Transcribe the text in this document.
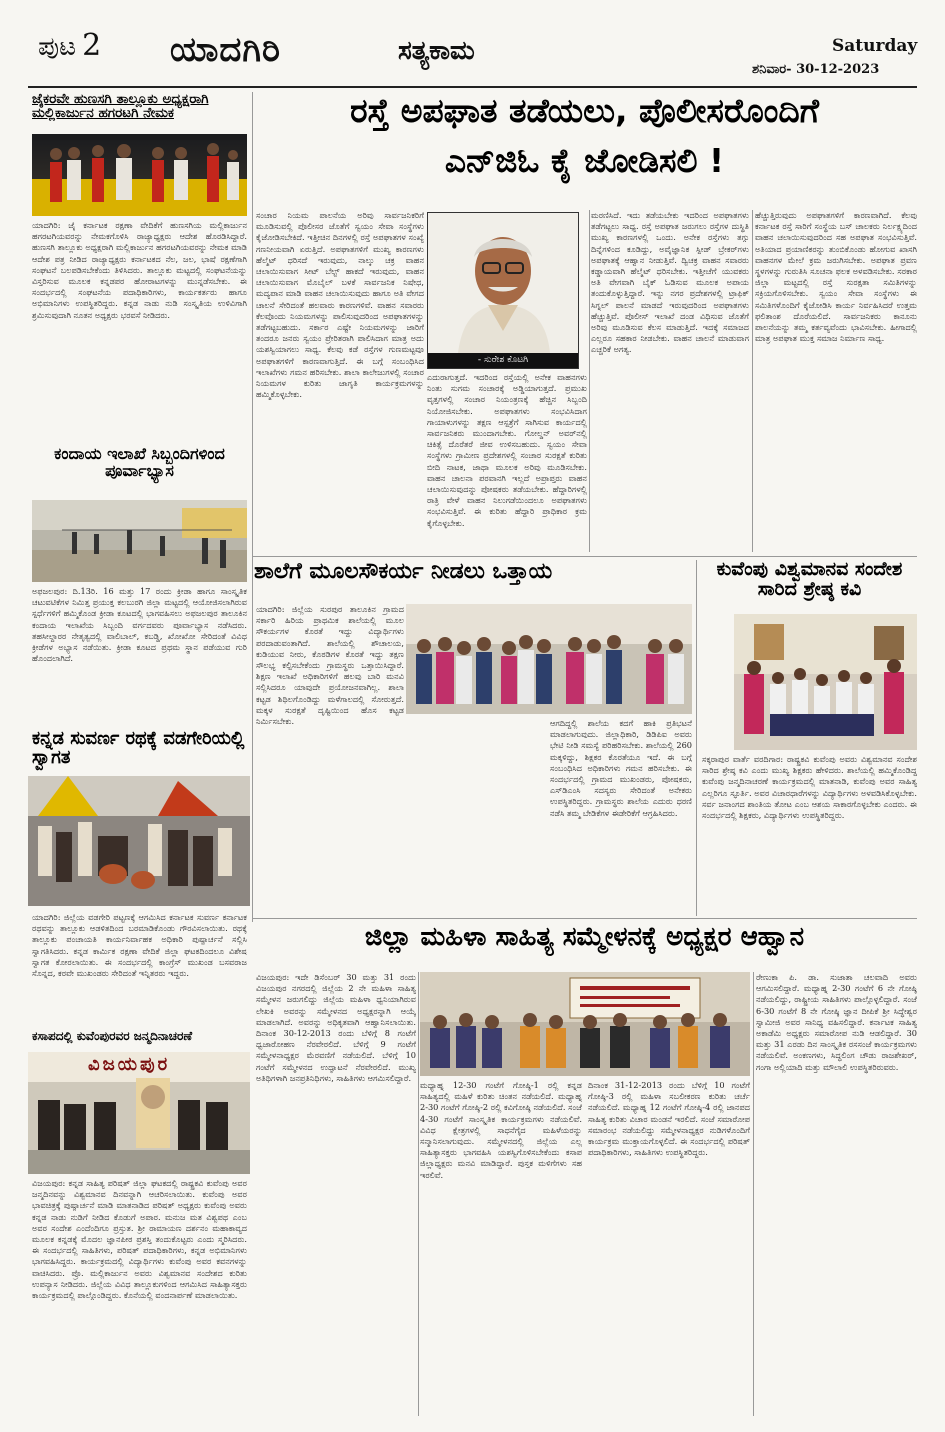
ಪುಟ 2 ಯಾದಗಿರಿ	ಸತ್ಯಕಾಮ	Saturday
ಶನಿವಾರ- 30-12-2023
ಜೈಕರವೇ ಹುಣಸಗಿ ತಾಲ್ಲೂಕು ಅಧ್ಯಕ್ಷರಾಗಿ ಮಲ್ಲಿಕಾರ್ಜುನ ಹಗರಟಗಿ ನೇಮಕ
ಯಾದಗಿರಿ: ಜೈ ಕರ್ನಾಟಕ ರಕ್ಷಣಾ ವೇದಿಕೆಗೆ ಹುಣಸಗಿಯ ಮಲ್ಲಿಕಾರ್ಜುನ ಹಗರಟಗಿಯವರನ್ನು ನೇಮಕಗೊಳಿಸಿ ರಾಜ್ಯಾಧ್ಯಕ್ಷರು ಆದೇಶ ಹೊರಡಿಸಿದ್ದಾರೆ. ಹುಣಸಗಿ ತಾಲ್ಲೂಕು ಅಧ್ಯಕ್ಷರಾಗಿ ಮಲ್ಲಿಕಾರ್ಜುನ ಹಗರಟಗಿಯವರನ್ನು ನೇಮಕ ಮಾಡಿ ಆದೇಶ ಪತ್ರ ನೀಡಿದ ರಾಜ್ಯಾಧ್ಯಕ್ಷರು ಕರ್ನಾಟಕದ ನೆಲ, ಜಲ, ಭಾಷೆ ರಕ್ಷಣೆಗಾಗಿ ಸಂಘಟನೆ ಬಲಪಡಿಸಬೇಕೆಂದು ತಿಳಿಸಿದರು. ತಾಲ್ಲೂಕು ಮಟ್ಟದಲ್ಲಿ ಸಂಘಟನೆಯನ್ನು ವಿಸ್ತರಿಸುವ ಮೂಲಕ ಕನ್ನಡಪರ ಹೋರಾಟಗಳನ್ನು ಮುನ್ನಡೆಸಬೇಕು. ಈ ಸಂದರ್ಭದಲ್ಲಿ ಸಂಘಟನೆಯ ಪದಾಧಿಕಾರಿಗಳು, ಕಾರ್ಯಕರ್ತರು ಹಾಗೂ ಅಭಿಮಾನಿಗಳು ಉಪಸ್ಥಿತರಿದ್ದರು. ಕನ್ನಡ ನಾಡು ನುಡಿ ಸಂಸ್ಕೃತಿಯ ಉಳಿವಿಗಾಗಿ ಶ್ರಮಿಸುವುದಾಗಿ ನೂತನ ಅಧ್ಯಕ್ಷರು ಭರವಸೆ ನೀಡಿದರು.
ಕಂದಾಯ ಇಲಾಖೆ ಸಿಬ್ಬಂದಿಗಳಿಂದ ಪೂರ್ವಾಭ್ಯಾಸ
ಅಫಜಲಪುರ: ದಿ.13ರಿ. 16 ಮತ್ತು 17 ರಂದು ಕ್ರೀಡಾ ಹಾಗೂ ಸಾಂಸ್ಕೃತಿಕ ಚಟುವಟಿಕೆಗಳ ನಿಮಿತ್ತ ಪ್ರಯುಕ್ತ ಕಲಬುರಗಿ ಜಿಲ್ಲಾ ಮಟ್ಟದಲ್ಲಿ ಆಯೋಜಿಸಲಾಗಿರುವ ಸ್ಪರ್ಧೆಗಳಿಗೆ ಹಮ್ಮಿಕೊಂಡ ಕ್ರೀಡಾ ಕೂಟದಲ್ಲಿ ಭಾಗವಹಿಸಲು ಅಫಜಲಪುರ ತಾಲೂಕಿನ ಕಂದಾಯ ಇಲಾಖೆಯ ಸಿಬ್ಬಂದಿ ವರ್ಗದವರು ಪೂರ್ವಾಭ್ಯಾಸ ನಡೆಸಿದರು. ತಹಸೀಲ್ದಾರರ ನೇತೃತ್ವದಲ್ಲಿ ವಾಲಿಬಾಲ್, ಕಬಡ್ಡಿ, ಖೋಖೋ ಸೇರಿದಂತೆ ವಿವಿಧ ಕ್ರೀಡೆಗಳ ಅಭ್ಯಾಸ ನಡೆಯಿತು. ಕ್ರೀಡಾ ಕೂಟದ ಪ್ರಥಮ ಸ್ಥಾನ ಪಡೆಯುವ ಗುರಿ ಹೊಂದಲಾಗಿದೆ.
ಕನ್ನಡ ಸುವರ್ಣ ರಥಕ್ಕೆ ವಡಗೇರಿಯಲ್ಲಿ ಸ್ವಾಗತ
ಯಾದಗಿರಿ: ಜಿಲ್ಲೆಯ ವಡಗೇರಿ ಪಟ್ಟಣಕ್ಕೆ ಆಗಮಿಸಿದ ಕರ್ನಾಟಕ ಸುವರ್ಣ ಕರ್ನಾಟಕ ರಥವನ್ನು ತಾಲ್ಲೂಕು ಆಡಳಿತದಿಂದ ಬರಮಾಡಿಕೊಂಡು ಗೌರವಿಸಲಾಯಿತು. ರಥಕ್ಕೆ ತಾಲ್ಲೂಕು ಪಂಚಾಯತಿ ಕಾರ್ಯನಿರ್ವಾಹಕ ಅಧಿಕಾರಿ ಪುಷ್ಪಾರ್ಚನೆ ಸಲ್ಲಿಸಿ ಸ್ವಾಗತಿಸಿದರು. ಕನ್ನಡ ಕಾರ್ಮಿಕ ರಕ್ಷಣಾ ವೇದಿಕೆ ಜಿಲ್ಲಾ ಘಟಕದಿಂದಲೂ ವಿಶೇಷ ಸ್ವಾಗತ ಕೋರಲಾಯಿತು. ಈ ಸಂದರ್ಭದಲ್ಲಿ ಕಾಂಗ್ರೆಸ್ ಮುಖಂಡ ಬಸವರಾಜ ಸೊನ್ನದ, ಕರವೇ ಮುಖಂಡರು ಸೇರಿದಂತೆ ಇನ್ನಿತರರು ಇದ್ದರು.
ಕಸಾಪದಲ್ಲಿ ಕುವೆಂಪುರವರ ಜನ್ಮದಿನಾಚರಣೆ
ವಿಜಯಪುರ
ವಿಜಯಪುರ: ಕನ್ನಡ ಸಾಹಿತ್ಯ ಪರಿಷತ್ ಜಿಲ್ಲಾ ಘಟಕದಲ್ಲಿ ರಾಷ್ಟ್ರಕವಿ ಕುವೆಂಪು ಅವರ ಜನ್ಮದಿನವನ್ನು ವಿಶ್ವಮಾನವ ದಿನವನ್ನಾಗಿ ಆಚರಿಸಲಾಯಿತು. ಕುವೆಂಪು ಅವರ ಭಾವಚಿತ್ರಕ್ಕೆ ಪುಷ್ಪಾರ್ಚನೆ ಮಾಡಿ ಮಾತನಾಡಿದ ಪರಿಷತ್ ಅಧ್ಯಕ್ಷರು ಕುವೆಂಪು ಅವರು ಕನ್ನಡ ನಾಡು ನುಡಿಗೆ ನೀಡಿದ ಕೊಡುಗೆ ಅಪಾರ. ಮನುಜ ಮತ ವಿಶ್ವಪಥ ಎಂಬ ಅವರ ಸಂದೇಶ ಎಂದೆಂದಿಗೂ ಪ್ರಸ್ತುತ. ಶ್ರೀ ರಾಮಾಯಣ ದರ್ಶನಂ ಮಹಾಕಾವ್ಯದ ಮೂಲಕ ಕನ್ನಡಕ್ಕೆ ಮೊದಲ ಜ್ಞಾನಪೀಠ ಪ್ರಶಸ್ತಿ ತಂದುಕೊಟ್ಟರು ಎಂದು ಸ್ಮರಿಸಿದರು. ಈ ಸಂದರ್ಭದಲ್ಲಿ ಸಾಹಿತಿಗಳು, ಪರಿಷತ್ ಪದಾಧಿಕಾರಿಗಳು, ಕನ್ನಡ ಅಭಿಮಾನಿಗಳು ಭಾಗವಹಿಸಿದ್ದರು. ಕಾರ್ಯಕ್ರಮದಲ್ಲಿ ವಿದ್ಯಾರ್ಥಿಗಳು ಕುವೆಂಪು ಅವರ ಕವನಗಳನ್ನು ವಾಚಿಸಿದರು. ಪ್ರೊ. ಮಲ್ಲಿಕಾರ್ಜುನ ಅವರು ವಿಶ್ವಮಾನವ ಸಂದೇಶದ ಕುರಿತು ಉಪನ್ಯಾಸ ನೀಡಿದರು. ಜಿಲ್ಲೆಯ ವಿವಿಧ ತಾಲ್ಲೂಕುಗಳಿಂದ ಆಗಮಿಸಿದ ಸಾಹಿತ್ಯಾಸಕ್ತರು ಕಾರ್ಯಕ್ರಮದಲ್ಲಿ ಪಾಲ್ಗೊಂಡಿದ್ದರು. ಕೊನೆಯಲ್ಲಿ ವಂದನಾರ್ಪಣೆ ಮಾಡಲಾಯಿತು.
ರಸ್ತೆ ಅಪಘಾತ ತಡೆಯಲು, ಪೊಲೀಸರೊಂದಿಗೆ
ಎನ್‌ಜಿಓ ಕೈ ಜೋಡಿಸಲಿ !
- ಸುರೇಶ ಕೊಟಗಿ
ಸಂಚಾರ ನಿಯಮ ಪಾಲನೆಯ ಅರಿವು ಸಾರ್ವಜನಿಕರಿಗೆ ಮೂಡಿಸುವಲ್ಲಿ ಪೊಲೀಸರ ಜೊತೆಗೆ ಸ್ವಯಂ ಸೇವಾ ಸಂಸ್ಥೆಗಳು ಕೈಜೋಡಿಸಬೇಕಿದೆ. ಇತ್ತೀಚಿನ ದಿನಗಳಲ್ಲಿ ರಸ್ತೆ ಅಪಘಾತಗಳ ಸಂಖ್ಯೆ ಗಣನೀಯವಾಗಿ ಏರುತ್ತಿದೆ. ಅಪಘಾತಗಳಿಗೆ ಮುಖ್ಯ ಕಾರಣಗಳು ಹೆಲ್ಮೆಟ್ ಧರಿಸದೆ ಇರುವುದು, ನಾಲ್ಕು ಚಕ್ರ ವಾಹನ ಚಲಾಯಿಸುವಾಗ ಸೀಟ್ ಬೆಲ್ಟ್ ಹಾಕದೆ ಇರುವುದು, ವಾಹನ ಚಲಾಯಿಸುವಾಗ ಮೊಬೈಲ್ ಬಳಕೆ ಸಾರ್ವಜನಿಕ ನಿಷೇಧ, ಮದ್ಯಪಾನ ಮಾಡಿ ವಾಹನ ಚಲಾಯಿಸುವುದು ಹಾಗೂ ಅತಿ ವೇಗದ ಚಾಲನೆ ಸೇರಿದಂತೆ ಹಲವಾರು ಕಾರಣಗಳಿವೆ. ವಾಹನ ಸವಾರರು ಕೆಲವೊಂದು ನಿಯಮಗಳನ್ನು ಪಾಲಿಸುವುದರಿಂದ ಅಪಘಾತಗಳನ್ನು ತಡೆಗಟ್ಟಬಹುದು. ಸರ್ಕಾರ ಎಷ್ಟೇ ನಿಯಮಗಳನ್ನು ಜಾರಿಗೆ ತಂದರೂ ಜನರು ಸ್ವಯಂ ಪ್ರೇರಿತರಾಗಿ ಪಾಲಿಸಿದಾಗ ಮಾತ್ರ ಅದು ಯಶಸ್ವಿಯಾಗಲು ಸಾಧ್ಯ. ಕೆಲವು ಕಡೆ ರಸ್ತೆಗಳ ಗುಣಮಟ್ಟವೂ ಅಪಘಾತಗಳಿಗೆ ಕಾರಣವಾಗುತ್ತಿದೆ. ಈ ಬಗ್ಗೆ ಸಂಬಂಧಿಸಿದ ಇಲಾಖೆಗಳು ಗಮನ ಹರಿಸಬೇಕು. ಶಾಲಾ ಕಾಲೇಜುಗಳಲ್ಲಿ ಸಂಚಾರ ನಿಯಮಗಳ ಕುರಿತು ಜಾಗೃತಿ ಕಾರ್ಯಕ್ರಮಗಳನ್ನು ಹಮ್ಮಿಕೊಳ್ಳಬೇಕು.
ಎದುರಾಗುತ್ತದೆ. ಇದರಿಂದ ರಸ್ತೆಯಲ್ಲಿ ಅನೇಕ ವಾಹನಗಳು ನಿಂತು ಸುಗಮ ಸಂಚಾರಕ್ಕೆ ಅಡ್ಡಿಯಾಗುತ್ತದೆ. ಪ್ರಮುಖ ವೃತ್ತಗಳಲ್ಲಿ ಸಂಚಾರ ನಿಯಂತ್ರಣಕ್ಕೆ ಹೆಚ್ಚಿನ ಸಿಬ್ಬಂದಿ ನಿಯೋಜಿಸಬೇಕು. ಅಪಘಾತಗಳು ಸಂಭವಿಸಿದಾಗ ಗಾಯಾಳುಗಳನ್ನು ತಕ್ಷಣ ಆಸ್ಪತ್ರೆಗೆ ಸಾಗಿಸುವ ಕಾರ್ಯದಲ್ಲಿ ಸಾರ್ವಜನಿಕರು ಮುಂದಾಗಬೇಕು. ಗೋಲ್ಡನ್ ಅವರ್‌ನಲ್ಲಿ ಚಿಕಿತ್ಸೆ ದೊರೆತರೆ ಜೀವ ಉಳಿಸಬಹುದು. ಸ್ವಯಂ ಸೇವಾ ಸಂಸ್ಥೆಗಳು ಗ್ರಾಮೀಣ ಪ್ರದೇಶಗಳಲ್ಲಿ ಸಂಚಾರ ಸುರಕ್ಷತೆ ಕುರಿತು ಬೀದಿ ನಾಟಕ, ಜಾಥಾ ಮೂಲಕ ಅರಿವು ಮೂಡಿಸಬೇಕು. ವಾಹನ ಚಾಲನಾ ಪರವಾನಗಿ ಇಲ್ಲದೆ ಅಪ್ರಾಪ್ತರು ವಾಹನ ಚಲಾಯಿಸುವುದನ್ನು ಪೋಷಕರು ತಡೆಯಬೇಕು. ಹೆದ್ದಾರಿಗಳಲ್ಲಿ ರಾತ್ರಿ ವೇಳೆ ವಾಹನ ನಿಲುಗಡೆಯಿಂದಲೂ ಅಪಘಾತಗಳು ಸಂಭವಿಸುತ್ತಿವೆ. ಈ ಕುರಿತು ಹೆದ್ದಾರಿ ಪ್ರಾಧಿಕಾರ ಕ್ರಮ ಕೈಗೊಳ್ಳಬೇಕು.
ಮರಣಿಸಿದೆ. ಇದು ತಡೆಯಬೇಕು ಇದರಿಂದ ಅಪಘಾತಗಳು ತಡೆಗಟ್ಟಲು ಸಾಧ್ಯ. ರಸ್ತೆ ಅಪಘಾತ ಜರುಗಲು ರಸ್ತೆಗಳ ದುಸ್ಥಿತಿ ಮುಖ್ಯ ಕಾರಣಗಳಲ್ಲಿ ಒಂದು. ಅನೇಕ ರಸ್ತೆಗಳು ತಗ್ಗು ದಿನ್ನೆಗಳಿಂದ ಕೂಡಿದ್ದು, ಅವೈಜ್ಞಾನಿಕ ಸ್ಪೀಡ್ ಬ್ರೇಕರ್‌ಗಳು ಅಪಘಾತಕ್ಕೆ ಆಹ್ವಾನ ನೀಡುತ್ತಿವೆ. ದ್ವಿಚಕ್ರ ವಾಹನ ಸವಾರರು ಕಡ್ಡಾಯವಾಗಿ ಹೆಲ್ಮೆಟ್ ಧರಿಸಬೇಕು. ಇತ್ತೀಚೆಗೆ ಯುವಕರು ಅತಿ ವೇಗವಾಗಿ ಬೈಕ್ ಓಡಿಸುವ ಮೂಲಕ ಅಪಾಯ ತಂದುಕೊಳ್ಳುತ್ತಿದ್ದಾರೆ. ಇನ್ನು ನಗರ ಪ್ರದೇಶಗಳಲ್ಲಿ ಟ್ರಾಫಿಕ್ ಸಿಗ್ನಲ್ ಪಾಲನೆ ಮಾಡದೆ ಇರುವುದರಿಂದ ಅಪಘಾತಗಳು ಹೆಚ್ಚುತ್ತಿವೆ. ಪೊಲೀಸ್ ಇಲಾಖೆ ದಂಡ ವಿಧಿಸುವ ಜೊತೆಗೆ ಅರಿವು ಮೂಡಿಸುವ ಕೆಲಸ ಮಾಡುತ್ತಿದೆ. ಇದಕ್ಕೆ ಸಮಾಜದ ಎಲ್ಲರೂ ಸಹಕಾರ ನೀಡಬೇಕು. ವಾಹನ ಚಾಲನೆ ಮಾಡುವಾಗ ಎಚ್ಚರಿಕೆ ಅಗತ್ಯ.
ಹೆಚ್ಚುತ್ತಿರುವುದು ಅಪಘಾತಗಳಿಗೆ ಕಾರಣವಾಗಿದೆ. ಕೆಲವು ಕರ್ನಾಟಕ ರಸ್ತೆ ಸಾರಿಗೆ ಸಂಸ್ಥೆಯ ಬಸ್ ಚಾಲಕರು ನಿರ್ಲಕ್ಷ್ಯದಿಂದ ವಾಹನ ಚಲಾಯಿಸುವುದರಿಂದ ಸಹ ಅಪಘಾತ ಸಂಭವಿಸುತ್ತಿವೆ. ಅತಿಯಾದ ಪ್ರಯಾಣಿಕರನ್ನು ತುಂಬಿಕೊಂಡು ಹೋಗುವ ಖಾಸಗಿ ವಾಹನಗಳ ಮೇಲೆ ಕ್ರಮ ಜರುಗಿಸಬೇಕು. ಅಪಘಾತ ಪ್ರವಣ ಸ್ಥಳಗಳನ್ನು ಗುರುತಿಸಿ ಸೂಚನಾ ಫಲಕ ಅಳವಡಿಸಬೇಕು. ಸರಕಾರ ಜಿಲ್ಲಾ ಮಟ್ಟದಲ್ಲಿ ರಸ್ತೆ ಸುರಕ್ಷತಾ ಸಮಿತಿಗಳನ್ನು ಸಕ್ರಿಯಗೊಳಿಸಬೇಕು. ಸ್ವಯಂ ಸೇವಾ ಸಂಸ್ಥೆಗಳು ಈ ಸಮಿತಿಗಳೊಂದಿಗೆ ಕೈಜೋಡಿಸಿ ಕಾರ್ಯ ನಿರ್ವಹಿಸಿದರೆ ಉತ್ತಮ ಫಲಿತಾಂಶ ದೊರೆಯಲಿದೆ. ಸಾರ್ವಜನಿಕರು ಕಾನೂನು ಪಾಲನೆಯನ್ನು ತಮ್ಮ ಕರ್ತವ್ಯವೆಂದು ಭಾವಿಸಬೇಕು. ಹೀಗಾದಲ್ಲಿ ಮಾತ್ರ ಅಪಘಾತ ಮುಕ್ತ ಸಮಾಜ ನಿರ್ಮಾಣ ಸಾಧ್ಯ.
ಶಾಲೆಗೆ ಮೂಲಸೌಕರ್ಯ ನೀಡಲು ಒತ್ತಾಯ
ಯಾದಗಿರಿ: ಜಿಲ್ಲೆಯ ಸುರಪುರ ತಾಲೂಕಿನ ಗ್ರಾಮದ ಸರ್ಕಾರಿ ಹಿರಿಯ ಪ್ರಾಥಮಿಕ ಶಾಲೆಯಲ್ಲಿ ಮೂಲ ಸೌಕರ್ಯಗಳ ಕೊರತೆ ಇದ್ದು ವಿದ್ಯಾರ್ಥಿಗಳು ಪರದಾಡುವಂತಾಗಿದೆ. ಶಾಲೆಯಲ್ಲಿ ಶೌಚಾಲಯ, ಕುಡಿಯುವ ನೀರು, ಕೊಠಡಿಗಳ ಕೊರತೆ ಇದ್ದು ತಕ್ಷಣ ಸೌಲಭ್ಯ ಕಲ್ಪಿಸಬೇಕೆಂದು ಗ್ರಾಮಸ್ಥರು ಒತ್ತಾಯಿಸಿದ್ದಾರೆ. ಶಿಕ್ಷಣ ಇಲಾಖೆ ಅಧಿಕಾರಿಗಳಿಗೆ ಹಲವು ಬಾರಿ ಮನವಿ ಸಲ್ಲಿಸಿದರೂ ಯಾವುದೇ ಪ್ರಯೋಜನವಾಗಿಲ್ಲ. ಶಾಲಾ ಕಟ್ಟಡ ಶಿಥಿಲಗೊಂಡಿದ್ದು ಮಳೆಗಾಲದಲ್ಲಿ ಸೋರುತ್ತದೆ. ಮಕ್ಕಳ ಸುರಕ್ಷತೆ ದೃಷ್ಟಿಯಿಂದ ಹೊಸ ಕಟ್ಟಡ ನಿರ್ಮಿಸಬೇಕು.	ಆಗದಿದ್ದಲ್ಲಿ ಶಾಲೆಯ ಕದಗೆ ಹಾಕಿ ಪ್ರತಿಭಟನೆ ಮಾಡಲಾಗುವುದು. ಜಿಲ್ಲಾಧಿಕಾರಿ, ಡಿಡಿಪಿಐ ಅವರು ಭೇಟಿ ನೀಡಿ ಸಮಸ್ಯೆ ಪರಿಹರಿಸಬೇಕು. ಶಾಲೆಯಲ್ಲಿ 260 ಮಕ್ಕಳಿದ್ದು, ಶಿಕ್ಷಕರ ಕೊರತೆಯೂ ಇದೆ. ಈ ಬಗ್ಗೆ ಸಂಬಂಧಿಸಿದ ಅಧಿಕಾರಿಗಳು ಗಮನ ಹರಿಸಬೇಕು. ಈ ಸಂದರ್ಭದಲ್ಲಿ ಗ್ರಾಮದ ಮುಖಂಡರು, ಪೋಷಕರು, ಎಸ್‌ಡಿಎಂಸಿ ಸದಸ್ಯರು ಸೇರಿದಂತೆ ಅನೇಕರು ಉಪಸ್ಥಿತರಿದ್ದರು. ಗ್ರಾಮಸ್ಥರು ಶಾಲೆಯ ಎದುರು ಧರಣಿ ನಡೆಸಿ ತಮ್ಮ ಬೇಡಿಕೆಗಳ ಈಡೇರಿಕೆಗೆ ಆಗ್ರಹಿಸಿದರು.
ಕುವೆಂಪು ವಿಶ್ವಮಾನವ ಸಂದೇಶ ಸಾರಿದ ಶ್ರೇಷ್ಠ ಕವಿ
ಸಕ್ಕರಾಪುರ ವಾರ್ತೆ ವರದಿಗಾರ: ರಾಷ್ಟ್ರಕವಿ ಕುವೆಂಪು ಅವರು ವಿಶ್ವಮಾನವ ಸಂದೇಶ ಸಾರಿದ ಶ್ರೇಷ್ಠ ಕವಿ ಎಂದು ಮುಖ್ಯ ಶಿಕ್ಷಕರು ಹೇಳಿದರು. ಶಾಲೆಯಲ್ಲಿ ಹಮ್ಮಿಕೊಂಡಿದ್ದ ಕುವೆಂಪು ಜನ್ಮದಿನಾಚರಣೆ ಕಾರ್ಯಕ್ರಮದಲ್ಲಿ ಮಾತನಾಡಿ, ಕುವೆಂಪು ಅವರ ಸಾಹಿತ್ಯ ಎಲ್ಲರಿಗೂ ಸ್ಫೂರ್ತಿ. ಅವರ ವಿಚಾರಧಾರೆಗಳನ್ನು ವಿದ್ಯಾರ್ಥಿಗಳು ಅಳವಡಿಸಿಕೊಳ್ಳಬೇಕು. ಸರ್ವ ಜನಾಂಗದ ಶಾಂತಿಯ ತೋಟ ಎಂಬ ಆಶಯ ಸಾಕಾರಗೊಳ್ಳಬೇಕು ಎಂದರು. ಈ ಸಂದರ್ಭದಲ್ಲಿ ಶಿಕ್ಷಕರು, ವಿದ್ಯಾರ್ಥಿಗಳು ಉಪಸ್ಥಿತರಿದ್ದರು.
ಜಿಲ್ಲಾ ಮಹಿಳಾ ಸಾಹಿತ್ಯ ಸಮ್ಮೇಳನಕ್ಕೆ ಅಧ್ಯಕ್ಷರ ಆಹ್ವಾನ
ವಿಜಯಪುರ: ಇದೇ ಡಿಸೆಂಬರ್ 30 ಮತ್ತು 31 ರಂದು ವಿಜಯಪುರ ನಗರದಲ್ಲಿ ಜಿಲ್ಲೆಯ 2 ನೇ ಮಹಿಳಾ ಸಾಹಿತ್ಯ ಸಮ್ಮೇಳನ ಜರುಗಲಿದ್ದು ಜಿಲ್ಲೆಯ ಮಹಿಳಾ ಧ್ವನಿಯಾಗಿರುವ ಲೇಖಕಿ ಅವರನ್ನು ಸಮ್ಮೇಳನದ ಅಧ್ಯಕ್ಷರನ್ನಾಗಿ ಆಯ್ಕೆ ಮಾಡಲಾಗಿದೆ. ಅವರನ್ನು ಅಧಿಕೃತವಾಗಿ ಆಹ್ವಾನಿಸಲಾಯಿತು. ದಿನಾಂಕ 30-12-2013 ರಂದು ಬೆಳಿಗ್ಗೆ 8 ಗಂಟೆಗೆ ಧ್ವಜಾರೋಹಣ ನೆರವೇರಲಿದೆ. ಬೆಳಿಗ್ಗೆ 9 ಗಂಟೆಗೆ ಸಮ್ಮೇಳನಾಧ್ಯಕ್ಷರ ಮೆರವಣಿಗೆ ನಡೆಯಲಿದೆ. ಬೆಳಿಗ್ಗೆ 10 ಗಂಟೆಗೆ ಸಮ್ಮೇಳನದ ಉದ್ಘಾಟನೆ ನೆರವೇರಲಿದೆ. ಮುಖ್ಯ ಅತಿಥಿಗಳಾಗಿ ಜನಪ್ರತಿನಿಧಿಗಳು, ಸಾಹಿತಿಗಳು ಆಗಮಿಸಲಿದ್ದಾರೆ.
ಮಧ್ಯಾಹ್ನ 12-30 ಗಂಟೆಗೆ ಗೋಷ್ಠಿ-1 ರಲ್ಲಿ ಕನ್ನಡ ಸಾಹಿತ್ಯದಲ್ಲಿ ಮಹಿಳೆ ಕುರಿತು ಚಿಂತನ ನಡೆಯಲಿದೆ. ಮಧ್ಯಾಹ್ನ 2-30 ಗಂಟೆಗೆ ಗೋಷ್ಠಿ-2 ರಲ್ಲಿ ಕವಿಗೋಷ್ಠಿ ನಡೆಯಲಿದೆ. ಸಂಜೆ 4-30 ಗಂಟೆಗೆ ಸಾಂಸ್ಕೃತಿಕ ಕಾರ್ಯಕ್ರಮಗಳು ನಡೆಯಲಿವೆ. ವಿವಿಧ ಕ್ಷೇತ್ರಗಳಲ್ಲಿ ಸಾಧನೆಗೈದ ಮಹಿಳೆಯರನ್ನು ಸನ್ಮಾನಿಸಲಾಗುವುದು. ಸಮ್ಮೇಳನದಲ್ಲಿ ಜಿಲ್ಲೆಯ ಎಲ್ಲ ಸಾಹಿತ್ಯಾಸಕ್ತರು ಭಾಗವಹಿಸಿ ಯಶಸ್ವಿಗೊಳಿಸಬೇಕೆಂದು ಕಸಾಪ ಜಿಲ್ಲಾಧ್ಯಕ್ಷರು ಮನವಿ ಮಾಡಿದ್ದಾರೆ. ಪುಸ್ತಕ ಮಳಿಗೆಗಳು ಸಹ ಇರಲಿವೆ.
ದಿನಾಂಕ 31-12-2013 ರಂದು ಬೆಳಿಗ್ಗೆ 10 ಗಂಟೆಗೆ ಗೋಷ್ಠಿ-3 ರಲ್ಲಿ ಮಹಿಳಾ ಸಬಲೀಕರಣ ಕುರಿತು ಚರ್ಚೆ ನಡೆಯಲಿದೆ. ಮಧ್ಯಾಹ್ನ 12 ಗಂಟೆಗೆ ಗೋಷ್ಠಿ-4 ರಲ್ಲಿ ಜಾನಪದ ಸಾಹಿತ್ಯ ಕುರಿತು ವಿಚಾರ ಮಂಡನೆ ಇರಲಿದೆ. ಸಂಜೆ ಸಮಾರೋಪ ಸಮಾರಂಭ ನಡೆಯಲಿದ್ದು ಸಮ್ಮೇಳನಾಧ್ಯಕ್ಷರ ನುಡಿಗಳೊಂದಿಗೆ ಕಾರ್ಯಕ್ರಮ ಮುಕ್ತಾಯಗೊಳ್ಳಲಿದೆ. ಈ ಸಂದರ್ಭದಲ್ಲಿ ಪರಿಷತ್ ಪದಾಧಿಕಾರಿಗಳು, ಸಾಹಿತಿಗಳು ಉಪಸ್ಥಿತರಿದ್ದರು.
ರೇಣುಕಾ ಪಿ. ಡಾ. ಸುಜಾತಾ ಚಲವಾದಿ ಅವರು ಆಗಮಿಸಲಿದ್ದಾರೆ. ಮಧ್ಯಾಹ್ನ 2-30 ಗಂಟೆಗೆ 6 ನೇ ಗೋಷ್ಠಿ ನಡೆಯಲಿದ್ದು, ರಾಷ್ಟ್ರೀಯ ಸಾಹಿತಿಗಳು ಪಾಲ್ಗೊಳ್ಳಲಿದ್ದಾರೆ. ಸಂಜೆ 6-30 ಗಂಟೆಗೆ 8 ನೇ ಗೋಷ್ಠಿ ಜ್ಞಾನ ದೀಪಿಕೆ ಶ್ರೀ ಸಿದ್ಧೇಶ್ವರ ಸ್ವಾಮೀಜಿ ಅವರ ಸಾನಿಧ್ಯ ವಹಿಸಲಿದ್ದಾರೆ. ಕರ್ನಾಟಕ ಸಾಹಿತ್ಯ ಅಕಾಡೆಮಿ ಅಧ್ಯಕ್ಷರು ಸಮಾರೋಪ ನುಡಿ ಆಡಲಿದ್ದಾರೆ. 30 ಮತ್ತು 31 ಎರಡು ದಿನ ಸಾಂಸ್ಕೃತಿಕ ರಸಸಂಜೆ ಕಾರ್ಯಕ್ರಮಗಳು ನಡೆಯಲಿವೆ. ಅಂಕಣಗಳು, ಸಿದ್ಧಲಿಂಗ ಚೌಡು ರಾಜಶೇಖರ್, ಗಂಗಾ ಅಲ್ಲಿಯಾದಿ ಮತ್ತು ಮೌಲಾಲಿ ಉಪಸ್ಥಿತರಿರುವರು.
